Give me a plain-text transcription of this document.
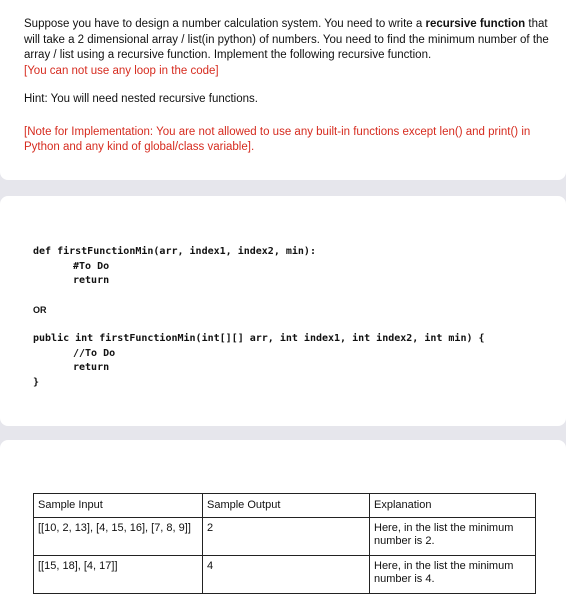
Suppose you have to design a number calculation system. You need to write a recursive function that will take a 2 dimensional array / list(in python) of numbers. You need to find the minimum number of the array / list using a recursive function. Implement the following recursive function.

[You can not use any loop in the code]

Hint: You will need nested recursive functions.

[Note for Implementation: You are not allowed to use any built-in functions except len() and print() in Python and any kind of global/class variable].

def firstFunctionMin(arr, index1, index2, min):
#To Do
return
OR
public int firstFunctionMin(int[][] arr, int index1, int index2, int min) {
//To Do
return
}
Sample Input	Sample Output	Explanation
[[10, 2, 13], [4, 15, 16], [7, 8, 9]]	2	Here, in the list the minimum number is 2.
[[15, 18], [4, 17]]	4	Here, in the list the minimum number is 4.
